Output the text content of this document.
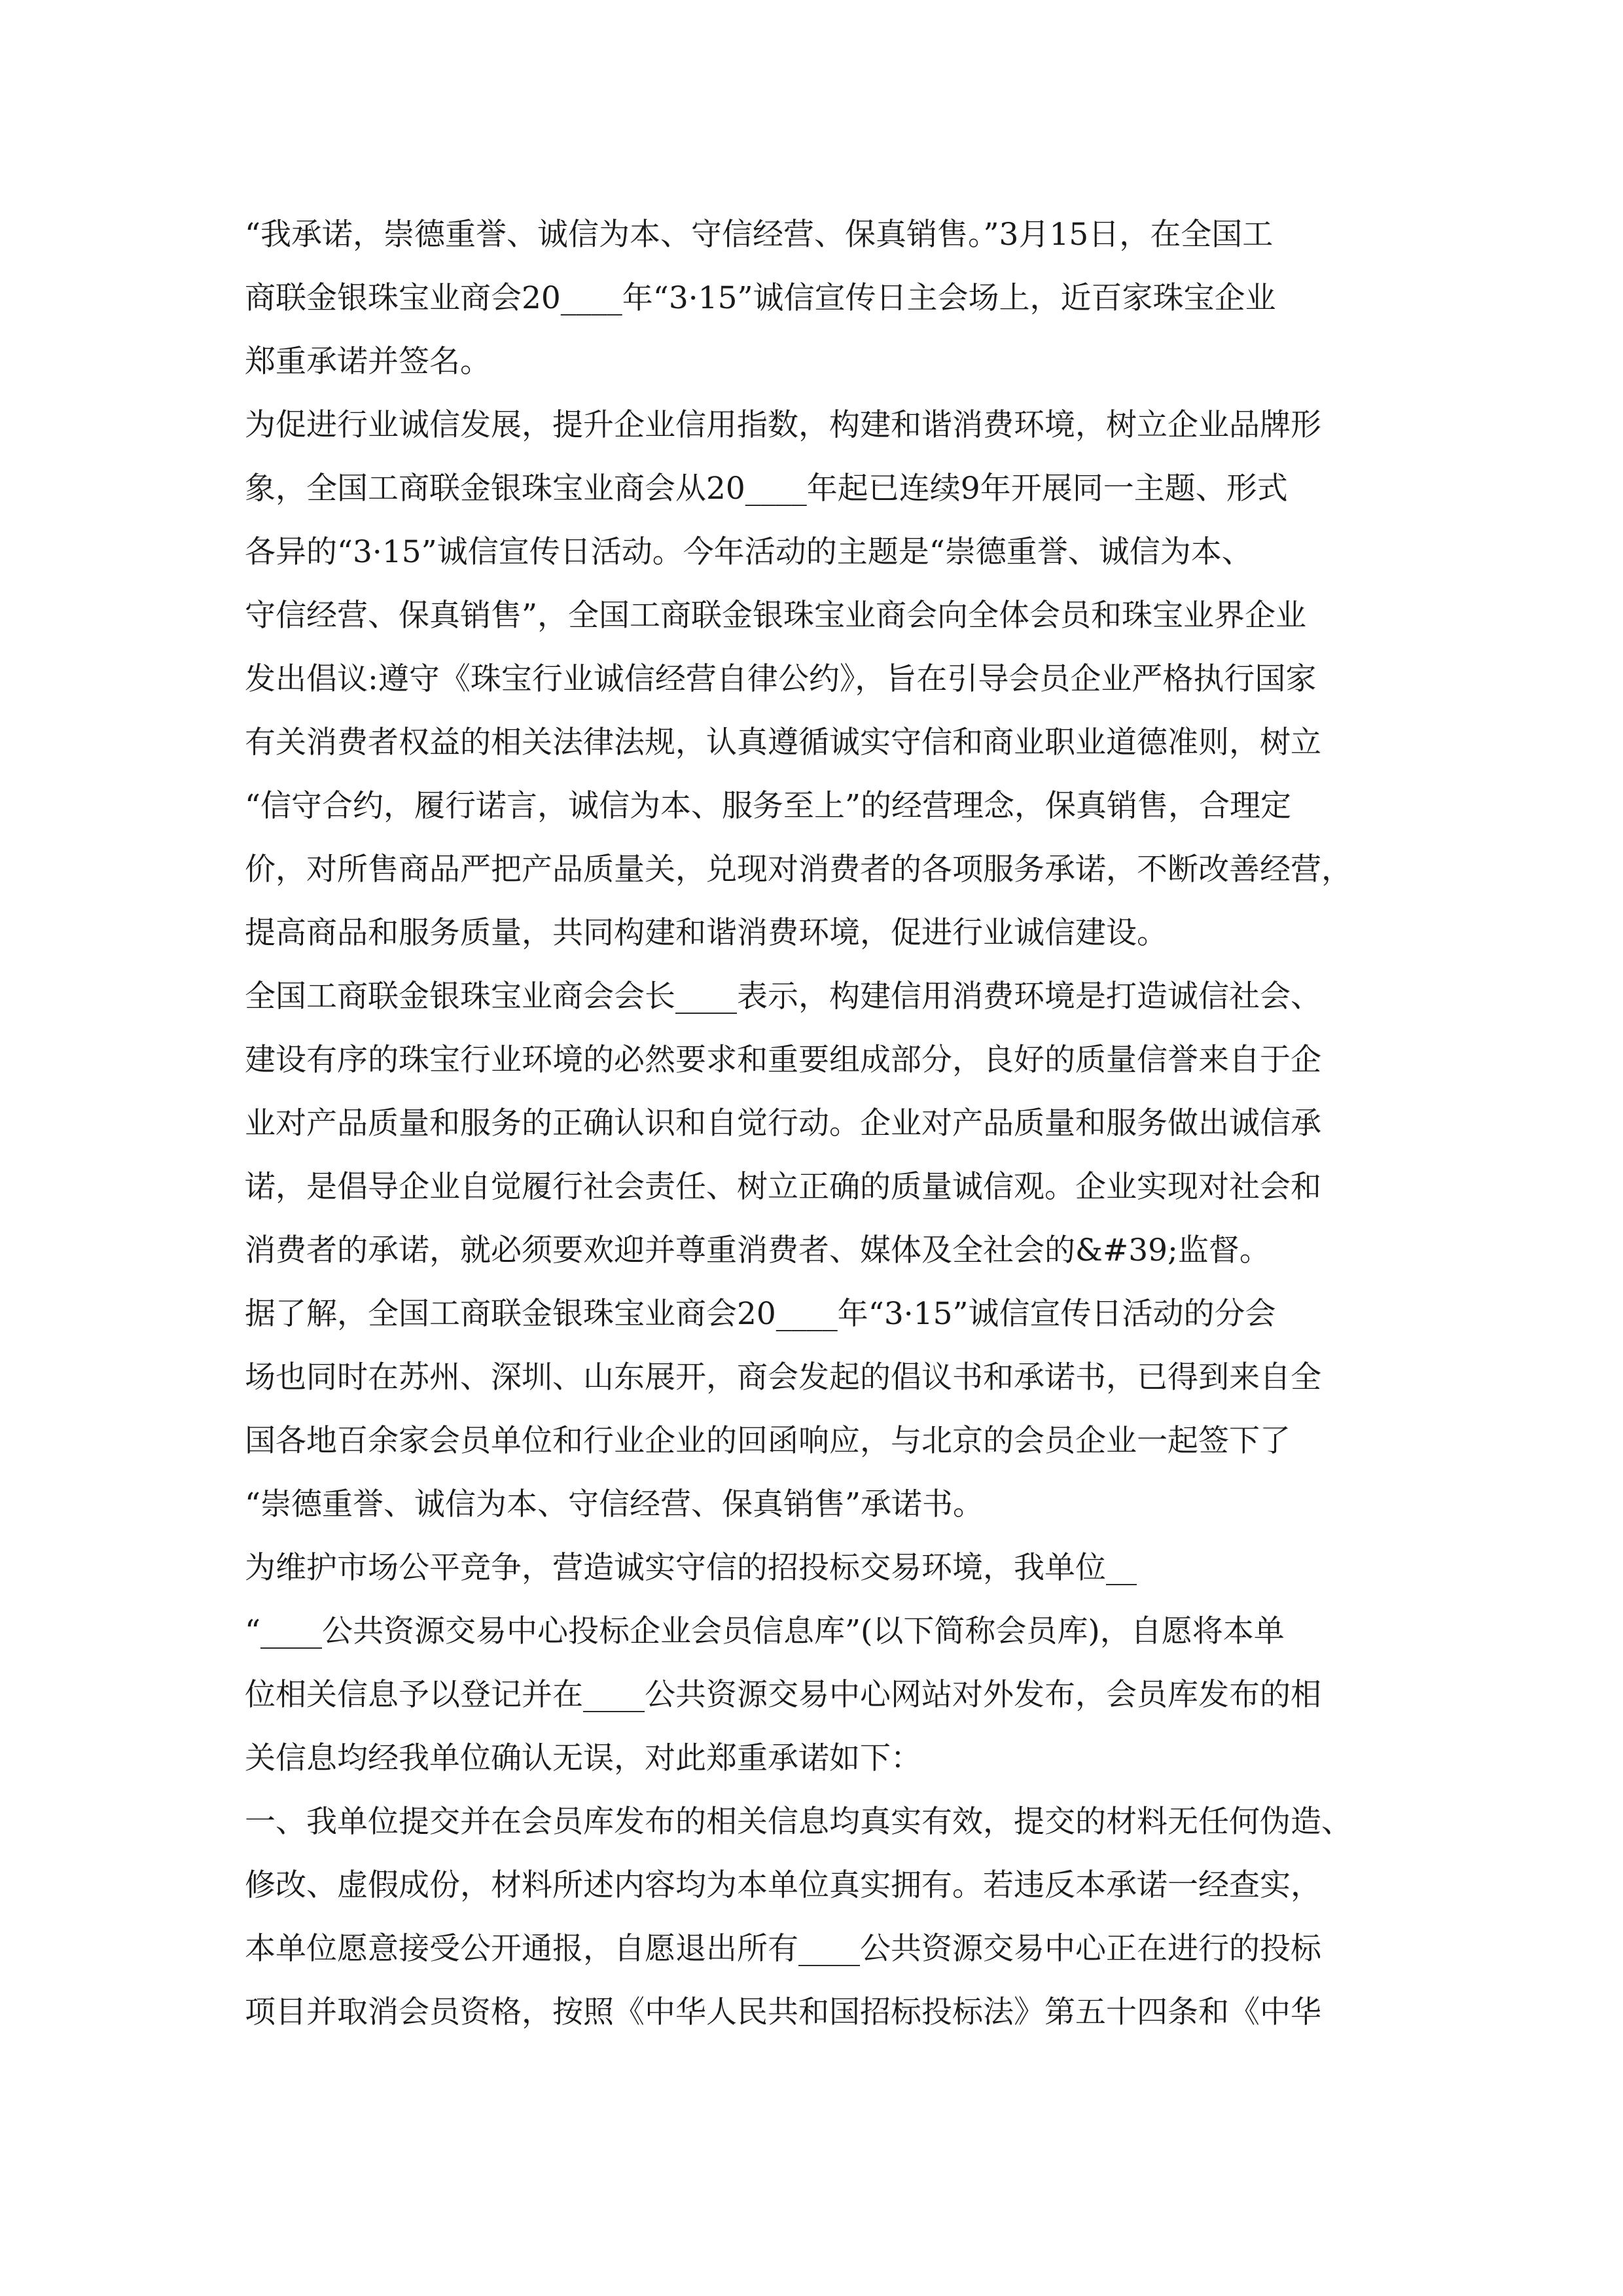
“我承诺，崇德重誉、诚信为本、守信经营、保真销售。”3月15日，在全国工
商联金银珠宝业商会20____年“3·15”诚信宣传日主会场上，近百家珠宝企业
郑重承诺并签名。
为促进行业诚信发展，提升企业信用指数，构建和谐消费环境，树立企业品牌形
象，全国工商联金银珠宝业商会从20____年起已连续9年开展同一主题、形式
各异的“3·15”诚信宣传日活动。今年活动的主题是“崇德重誉、诚信为本、
守信经营、保真销售”，全国工商联金银珠宝业商会向全体会员和珠宝业界企业
发出倡议:遵守《珠宝行业诚信经营自律公约》，旨在引导会员企业严格执行国家
有关消费者权益的相关法律法规，认真遵循诚实守信和商业职业道德准则，树立
“信守合约，履行诺言，诚信为本、服务至上”的经营理念，保真销售，合理定
价，对所售商品严把产品质量关，兑现对消费者的各项服务承诺，不断改善经营，
提高商品和服务质量，共同构建和谐消费环境，促进行业诚信建设。
全国工商联金银珠宝业商会会长____表示，构建信用消费环境是打造诚信社会、
建设有序的珠宝行业环境的必然要求和重要组成部分，良好的质量信誉来自于企
业对产品质量和服务的正确认识和自觉行动。企业对产品质量和服务做出诚信承
诺，是倡导企业自觉履行社会责任、树立正确的质量诚信观。企业实现对社会和
消费者的承诺，就必须要欢迎并尊重消费者、媒体及全社会的&#39;监督。
据了解，全国工商联金银珠宝业商会20____年“3·15”诚信宣传日活动的分会
场也同时在苏州、深圳、山东展开，商会发起的倡议书和承诺书，已得到来自全
国各地百余家会员单位和行业企业的回函响应，与北京的会员企业一起签下了
“崇德重誉、诚信为本、守信经营、保真销售”承诺书。
为维护市场公平竞争，营造诚实守信的招投标交易环境，我单位__
“____公共资源交易中心投标企业会员信息库”(以下简称会员库)，自愿将本单
位相关信息予以登记并在____公共资源交易中心网站对外发布，会员库发布的相
关信息均经我单位确认无误，对此郑重承诺如下：
一、我单位提交并在会员库发布的相关信息均真实有效，提交的材料无任何伪造、
修改、虚假成份，材料所述内容均为本单位真实拥有。若违反本承诺一经查实，
本单位愿意接受公开通报，自愿退出所有____公共资源交易中心正在进行的投标
项目并取消会员资格，按照《中华人民共和国招标投标法》第五十四条和《中华
